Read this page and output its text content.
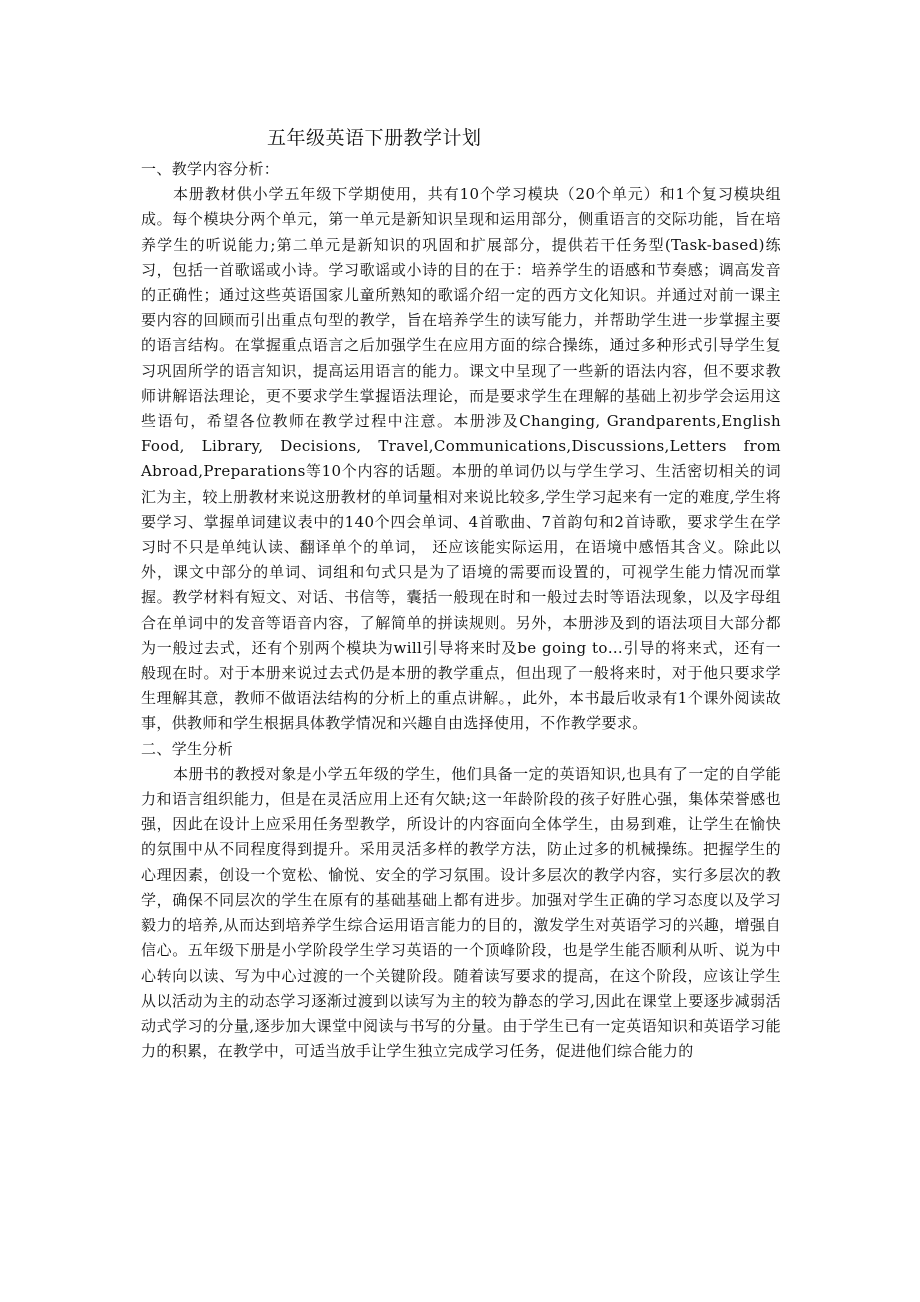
五年级英语下册教学计划
一、教学内容分析：

本册教材供小学五年级下学期使用，共有10个学习模块（20个单元）和1个复习模块组成。每个模块分两个单元，第一单元是新知识呈现和运用部分，侧重语言的交际功能，旨在培养学生的听说能力;第二单元是新知识的巩固和扩展部分，提供若干任务型(Task-based)练习，包括一首歌谣或小诗。学习歌谣或小诗的目的在于：培养学生的语感和节奏感；调高发音的正确性；通过这些英语国家儿童所熟知的歌谣介绍一定的西方文化知识。并通过对前一课主要内容的回顾而引出重点句型的教学，旨在培养学生的读写能力，并帮助学生进一步掌握主要的语言结构。在掌握重点语言之后加强学生在应用方面的综合操练，通过多种形式引导学生复习巩固所学的语言知识，提高运用语言的能力。课文中呈现了一些新的语法内容，但不要求教师讲解语法理论，更不要求学生掌握语法理论，而是要求学生在理解的基础上初步学会运用这些语句，希望各位教师在教学过程中注意。本册涉及Changing, Grandparents,English Food, Library, Decisions, Travel,Communications,Discussions,Letters from Abroad,Preparations等10个内容的话题。本册的单词仍以与学生学习、生活密切相关的词汇为主，较上册教材来说这册教材的单词量相对来说比较多,学生学习起来有一定的难度,学生将要学习、掌握单词建议表中的140个四会单词、4首歌曲、7首韵句和2首诗歌，要求学生在学习时不只是单纯认读、翻译单个的单词， 还应该能实际运用，在语境中感悟其含义。除此以外，课文中部分的单词、词组和句式只是为了语境的需要而设置的，可视学生能力情况而掌握。教学材料有短文、对话、书信等，囊括一般现在时和一般过去时等语法现象，以及字母组合在单词中的发音等语音内容，了解简单的拼读规则。另外，本册涉及到的语法项目大部分都为一般过去式，还有个别两个模块为will引导将来时及be going to…引导的将来式，还有一般现在时。对于本册来说过去式仍是本册的教学重点，但出现了一般将来时，对于他只要求学生理解其意，教师不做语法结构的分析上的重点讲解。，此外，本书最后收录有1个课外阅读故事，供教师和学生根据具体教学情况和兴趣自由选择使用，不作教学要求。

二、学生分析

本册书的教授对象是小学五年级的学生，他们具备一定的英语知识,也具有了一定的自学能力和语言组织能力，但是在灵活应用上还有欠缺;这一年龄阶段的孩子好胜心强，集体荣誉感也强，因此在设计上应采用任务型教学，所设计的内容面向全体学生，由易到难，让学生在愉快的氛围中从不同程度得到提升。采用灵活多样的教学方法，防止过多的机械操练。把握学生的心理因素，创设一个宽松、愉悦、安全的学习氛围。设计多层次的教学内容，实行多层次的教学，确保不同层次的学生在原有的基础基础上都有进步。加强对学生正确的学习态度以及学习毅力的培养,从而达到培养学生综合运用语言能力的目的，激发学生对英语学习的兴趣，增强自信心。五年级下册是小学阶段学生学习英语的一个顶峰阶段，也是学生能否顺利从听、说为中心转向以读、写为中心过渡的一个关键阶段。随着读写要求的提高，在这个阶段，应该让学生从以活动为主的动态学习逐渐过渡到以读写为主的较为静态的学习,因此在课堂上要逐步减弱活动式学习的分量,逐步加大课堂中阅读与书写的分量。由于学生已有一定英语知识和英语学习能力的积累，在教学中，可适当放手让学生独立完成学习任务，促进他们综合能力的
